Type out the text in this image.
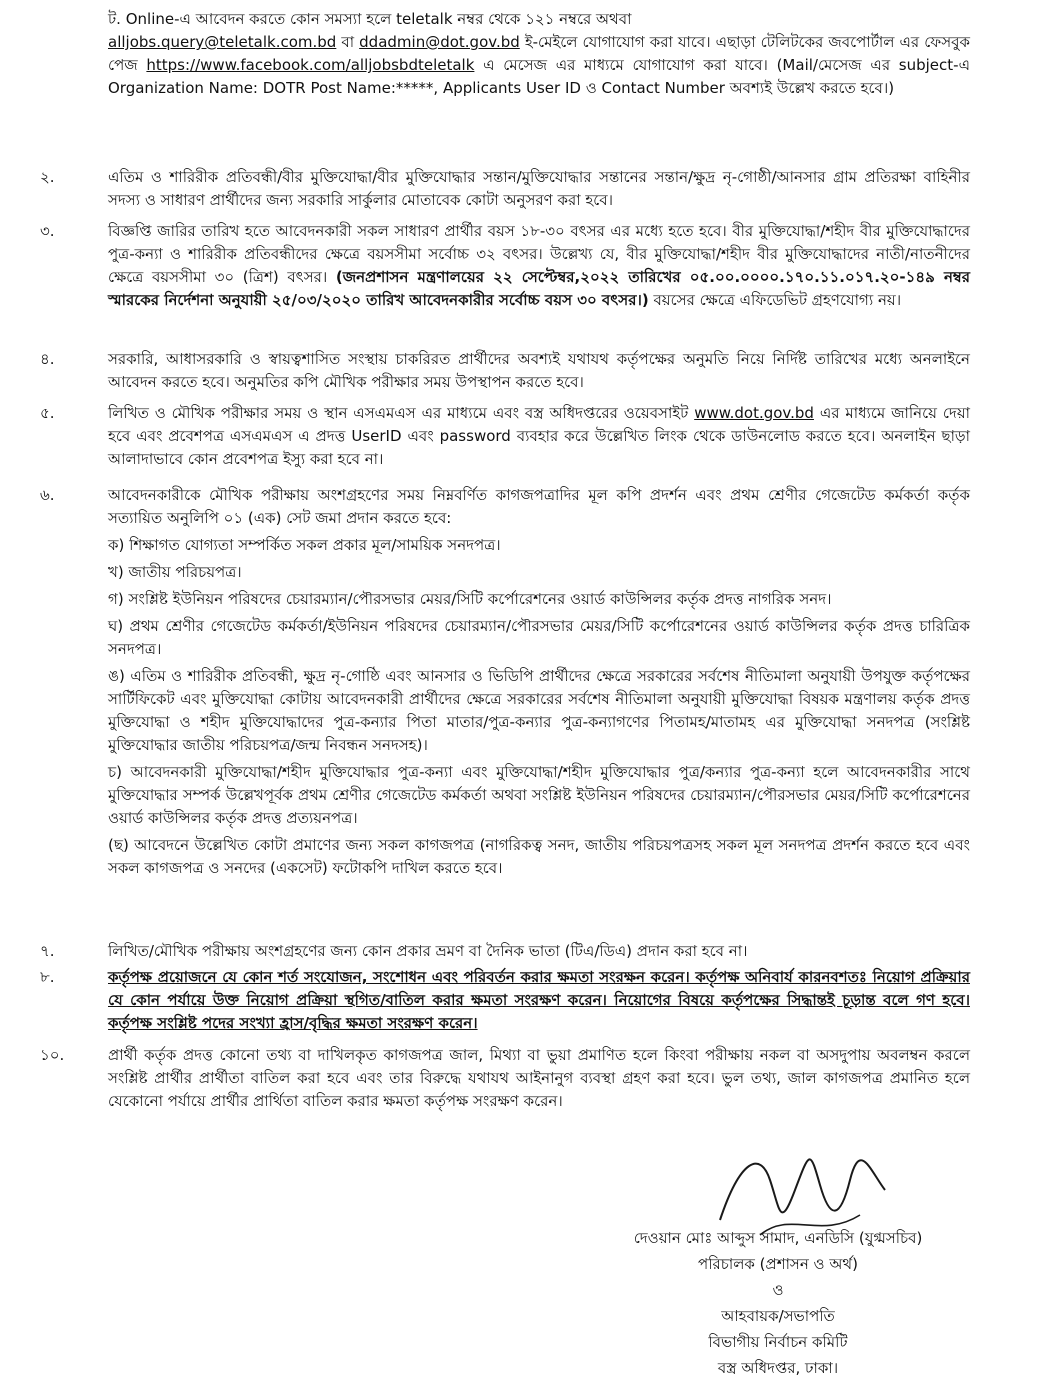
ট. Online-এ আবেদন করতে কোন সমস্যা হলে teletalk নম্বর থেকে ১২১ নম্বরে অথবা
alljobs.query@teletalk.com.bd বা ddadmin@dot.gov.bd ই-মেইলে যোগাযোগ করা যাবে। এছাড়া টেলিটকের জবপোর্টাল এর ফেসবুক পেজ https://www.facebook.com/alljobsbdteletalk এ মেসেজ এর মাধ্যমে যোগাযোগ করা যাবে। (Mail/মেসেজ এর subject-এ Organization Name: DOTR Post Name:*****, Applicants User ID ও Contact Number অবশ্যই উল্লেখ করতে হবে।)
২.	এতিম ও শারিরীক প্রতিবন্ধী/বীর মুক্তিযোদ্ধা/বীর মুক্তিযোদ্ধার সন্তান/মুক্তিযোদ্ধার সন্তানের সন্তান/ক্ষুদ্র নৃ-গোষ্ঠী/আনসার গ্রাম প্রতিরক্ষা বাহিনীর সদস্য ও সাধারণ প্রার্থীদের জন্য সরকারি সার্কুলার মোতাবেক কোটা অনুসরণ করা হবে।
৩.	বিজ্ঞপ্তি জারির তারিখ হতে আবেদনকারী সকল সাধারণ প্রার্থীর বয়স ১৮-৩০ বৎসর এর মধ্যে হতে হবে। বীর মুক্তিযোদ্ধা/শহীদ বীর মুক্তিযোদ্ধাদের পুত্র-কন্যা ও শারিরীক প্রতিবন্ধীদের ক্ষেত্রে বয়সসীমা সর্বোচ্চ ৩২ বৎসর। উল্লেখ্য যে, বীর মুক্তিযোদ্ধা/শহীদ বীর মুক্তিযোদ্ধাদের নাতী/নাতনীদের ক্ষেত্রে বয়সসীমা ৩০ (ত্রিশ) বৎসর। (জনপ্রশাসন মন্ত্রণালয়ের ২২ সেপ্টেম্বর,২০২২ তারিখের ০৫.০০.০০০০.১৭০.১১.০১৭.২০-১৪৯ নম্বর স্মারকের নির্দেশনা অনুযায়ী ২৫/০৩/২০২০ তারিখ আবেদনকারীর সর্বোচ্চ বয়স ৩০ বৎসর।) বয়সের ক্ষেত্রে এফিডেভিট গ্রহণযোগ্য নয়।
৪.	সরকারি, আধাসরকারি ও স্বায়ত্বশাসিত সংস্থায় চাকরিরত প্রার্থীদের অবশ্যই যথাযথ কর্তৃপক্ষের অনুমতি নিয়ে নির্দিষ্ট তারিখের মধ্যে অনলাইনে আবেদন করতে হবে। অনুমতির কপি মৌখিক পরীক্ষার সময় উপস্থাপন করতে হবে।
৫.	লিখিত ও মৌখিক পরীক্ষার সময় ও স্থান এসএমএস এর মাধ্যমে এবং বস্ত্র অধিদপ্তরের ওয়েবসাইট www.dot.gov.bd এর মাধ্যমে জানিয়ে দেয়া হবে এবং প্রবেশপত্র এসএমএস এ প্রদত্ত UserID এবং password ব্যবহার করে উল্লেখিত লিংক থেকে ডাউনলোড করতে হবে। অনলাইন ছাড়া আলাদাভাবে কোন প্রবেশপত্র ইস্যু করা হবে না।
৬.	আবেদনকারীকে মৌখিক পরীক্ষায় অংশগ্রহণের সময় নিম্নবর্ণিত কাগজপত্রাদির মূল কপি প্রদর্শন এবং প্রথম শ্রেণীর গেজেটেড কর্মকর্তা কর্তৃক সত্যায়িত অনুলিপি ০১ (এক) সেট জমা প্রদান করতে হবে:
ক) শিক্ষাগত যোগ্যতা সম্পর্কিত সকল প্রকার মূল/সাময়িক সনদপত্র।
খ) জাতীয় পরিচয়পত্র।
গ) সংশ্লিষ্ট ইউনিয়ন পরিষদের চেয়ারম্যান/পৌরসভার মেয়র/সিটি কর্পোরেশনের ওয়ার্ড কাউন্সিলর কর্তৃক প্রদত্ত নাগরিক সনদ।
ঘ) প্রথম শ্রেণীর গেজেটেড কর্মকর্তা/ইউনিয়ন পরিষদের চেয়ারম্যান/পৌরসভার মেয়র/সিটি কর্পোরেশনের ওয়ার্ড কাউন্সিলর কর্তৃক প্রদত্ত চারিত্রিক সনদপত্র।
ঙ) এতিম ও শারিরীক প্রতিবন্ধী, ক্ষুদ্র নৃ-গোষ্ঠি এবং আনসার ও ভিডিপি প্রার্থীদের ক্ষেত্রে সরকারের সর্বশেষ নীতিমালা অনুযায়ী উপযুক্ত কর্তৃপক্ষের সার্টিফিকেট এবং মুক্তিযোদ্ধা কোটায় আবেদনকারী প্রার্থীদের ক্ষেত্রে সরকারের সর্বশেষ নীতিমালা অনুযায়ী মুক্তিযোদ্ধা বিষয়ক মন্ত্রণালয় কর্তৃক প্রদত্ত মুক্তিযোদ্ধা ও শহীদ মুক্তিযোদ্ধাদের পুত্র-কন্যার পিতা মাতার/পুত্র-কন্যার পুত্র-কন্যাগণের পিতামহ/মাতামহ এর মুক্তিযোদ্ধা সনদপত্র (সংশ্লিষ্ট মুক্তিযোদ্ধার জাতীয় পরিচয়পত্র/জন্ম নিবন্ধন সনদসহ)।
চ) আবেদনকারী মুক্তিযোদ্ধা/শহীদ মুক্তিযোদ্ধার পুত্র-কন্যা এবং মুক্তিযোদ্ধা/শহীদ মুক্তিযোদ্ধার পুত্র/কন্যার পুত্র-কন্যা হলে আবেদনকারীর সাথে মুক্তিযোদ্ধার সম্পর্ক উল্লেখপূর্বক প্রথম শ্রেণীর গেজেটেড কর্মকর্তা অথবা সংশ্লিষ্ট ইউনিয়ন পরিষদের চেয়ারম্যান/পৌরসভার মেয়র/সিটি কর্পোরেশনের ওয়ার্ড কাউন্সিলর কর্তৃক প্রদত্ত প্রত্যয়নপত্র।
(ছ) আবেদনে উল্লেখিত কোটা প্রমাণের জন্য সকল কাগজপত্র (নাগরিকত্ব সনদ, জাতীয় পরিচয়পত্রসহ সকল মূল সনদপত্র প্রদর্শন করতে হবে এবং সকল কাগজপত্র ও সনদের (একসেট) ফটোকপি দাখিল করতে হবে।
৭.	লিখিত/মৌখিক পরীক্ষায় অংশগ্রহণের জন্য কোন প্রকার ভ্রমণ বা দৈনিক ভাতা (টিএ/ডিএ) প্রদান করা হবে না।
৮.	কর্তৃপক্ষ প্রয়োজনে যে কোন শর্ত সংযোজন, সংশোধন এবং পরিবর্তন করার ক্ষমতা সংরক্ষন করেন। কর্তৃপক্ষ অনিবার্য কারনবশতঃ নিয়োগ প্রক্রিয়ার যে কোন পর্যায়ে উক্ত নিয়োগ প্রক্রিয়া স্থগিত/বাতিল করার ক্ষমতা সংরক্ষণ করেন। নিয়োগের বিষয়ে কর্তৃপক্ষের সিদ্ধান্তই চূড়ান্ত বলে গণ হবে। কর্তৃপক্ষ সংশ্লিষ্ট পদের সংখ্যা হ্রাস/বৃদ্ধির ক্ষমতা সংরক্ষণ করেন।
১০.	প্রার্থী কর্তৃক প্রদত্ত কোনো তথ্য বা দাখিলকৃত কাগজপত্র জাল, মিথ্যা বা ভুয়া প্রমাণিত হলে কিংবা পরীক্ষায় নকল বা অসদুপায় অবলম্বন করলে সংশ্লিষ্ট প্রার্থীর প্রার্থীতা বাতিল করা হবে এবং তার বিরুদ্ধে যথাযথ আইনানুগ ব্যবস্থা গ্রহণ করা হবে। ভুল তথ্য, জাল কাগজপত্র প্রমানিত হলে যেকোনো পর্যায়ে প্রার্থীর প্রার্থিতা বাতিল করার ক্ষমতা কর্তৃপক্ষ সংরক্ষণ করেন।
দেওয়ান মোঃ আব্দুস সামাদ, এনডিসি (যুগ্মসচিব)
পরিচালক (প্রশাসন ও অর্থ)
ও
আহবায়ক/সভাপতি
বিভাগীয় নির্বাচন কমিটি
বস্ত্র অধিদপ্তর, ঢাকা।
